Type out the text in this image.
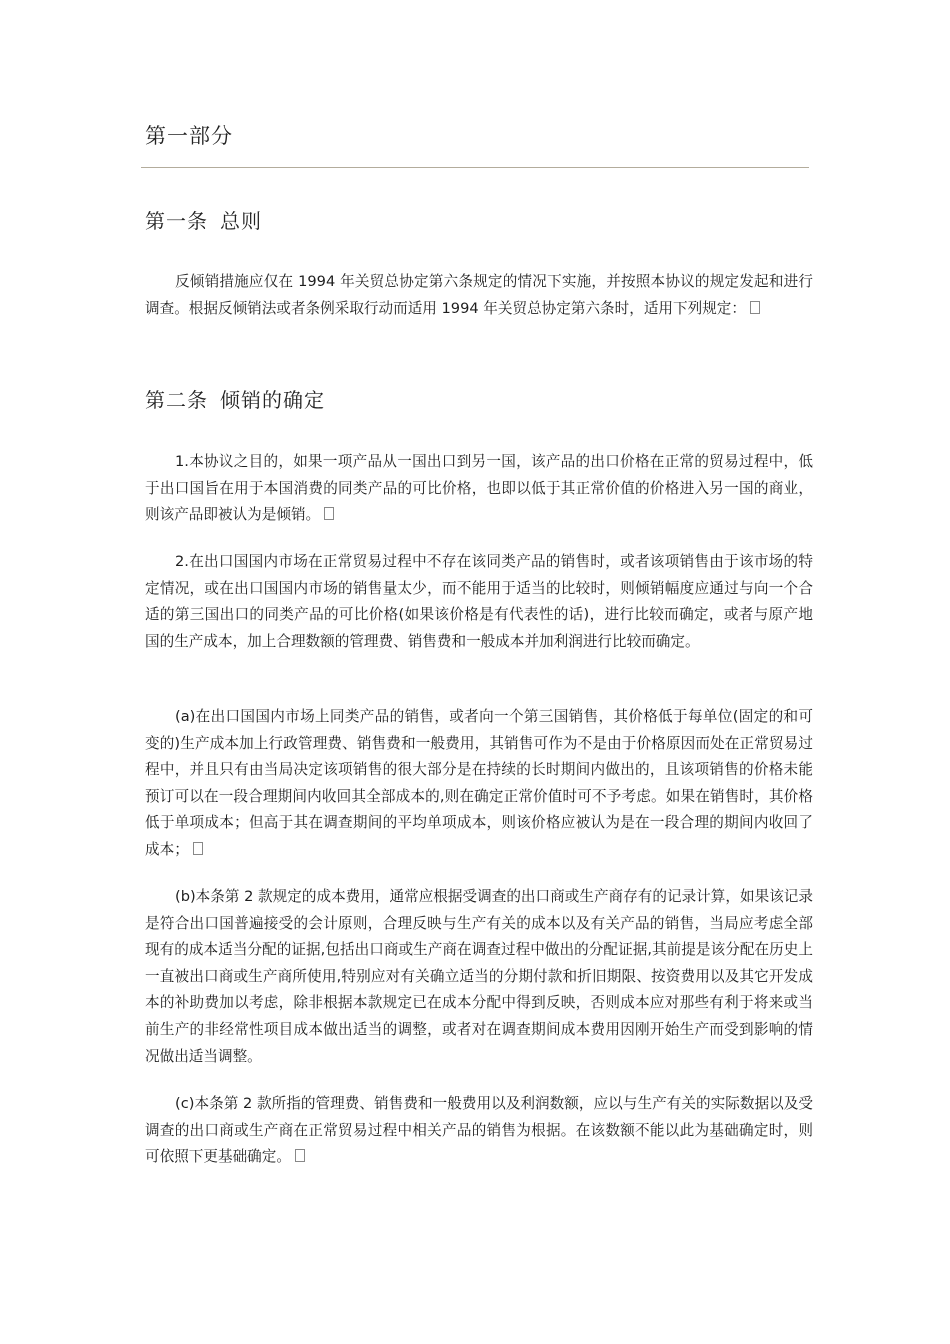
第一部分
第一条 总则

反倾销措施应仅在 1994 年关贸总协定第六条规定的情况下实施，并按照本协议的规定发起和进行调查。根据反倾销法或者条例采取行动而适用 1994 年关贸总协定第六条时，适用下列规定：

第二条 倾销的确定

1.本协议之目的，如果一项产品从一国出口到另一国，该产品的出口价格在正常的贸易过程中，低于出口国旨在用于本国消费的同类产品的可比价格，也即以低于其正常价值的价格进入另一国的商业，则该产品即被认为是倾销。

2.在出口国国内市场在正常贸易过程中不存在该同类产品的销售时，或者该项销售由于该市场的特定情况，或在出口国国内市场的销售量太少，而不能用于适当的比较时，则倾销幅度应通过与向一个合适的第三国出口的同类产品的可比价格(如果该价格是有代表性的话)，进行比较而确定，或者与原产地国的生产成本，加上合理数额的管理费、销售费和一般成本并加利润进行比较而确定。

(a)在出口国国内市场上同类产品的销售，或者向一个第三国销售，其价格低于每单位(固定的和可变的)生产成本加上行政管理费、销售费和一般费用，其销售可作为不是由于价格原因而处在正常贸易过程中，并且只有由当局决定该项销售的很大部分是在持续的长时期间内做出的，且该项销售的价格未能预订可以在一段合理期间内收回其全部成本的,则在确定正常价值时可不予考虑。如果在销售时，其价格低于单项成本；但高于其在调查期间的平均单项成本，则该价格应被认为是在一段合理的期间内收回了成本；

(b)本条第 2 款规定的成本费用，通常应根据受调查的出口商或生产商存有的记录计算，如果该记录是符合出口国普遍接受的会计原则，合理反映与生产有关的成本以及有关产品的销售，当局应考虑全部现有的成本适当分配的证据,包括出口商或生产商在调查过程中做出的分配证据,其前提是该分配在历史上一直被出口商或生产商所使用,特别应对有关确立适当的分期付款和折旧期限、按资费用以及其它开发成本的补助费加以考虑，除非根据本款规定已在成本分配中得到反映，否则成本应对那些有利于将来或当前生产的非经常性项目成本做出适当的调整，或者对在调查期间成本费用因刚开始生产而受到影响的情况做出适当调整。

(c)本条第 2 款所指的管理费、销售费和一般费用以及利润数额，应以与生产有关的实际数据以及受调查的出口商或生产商在正常贸易过程中相关产品的销售为根据。在该数额不能以此为基础确定时，则可依照下更基础确定。
